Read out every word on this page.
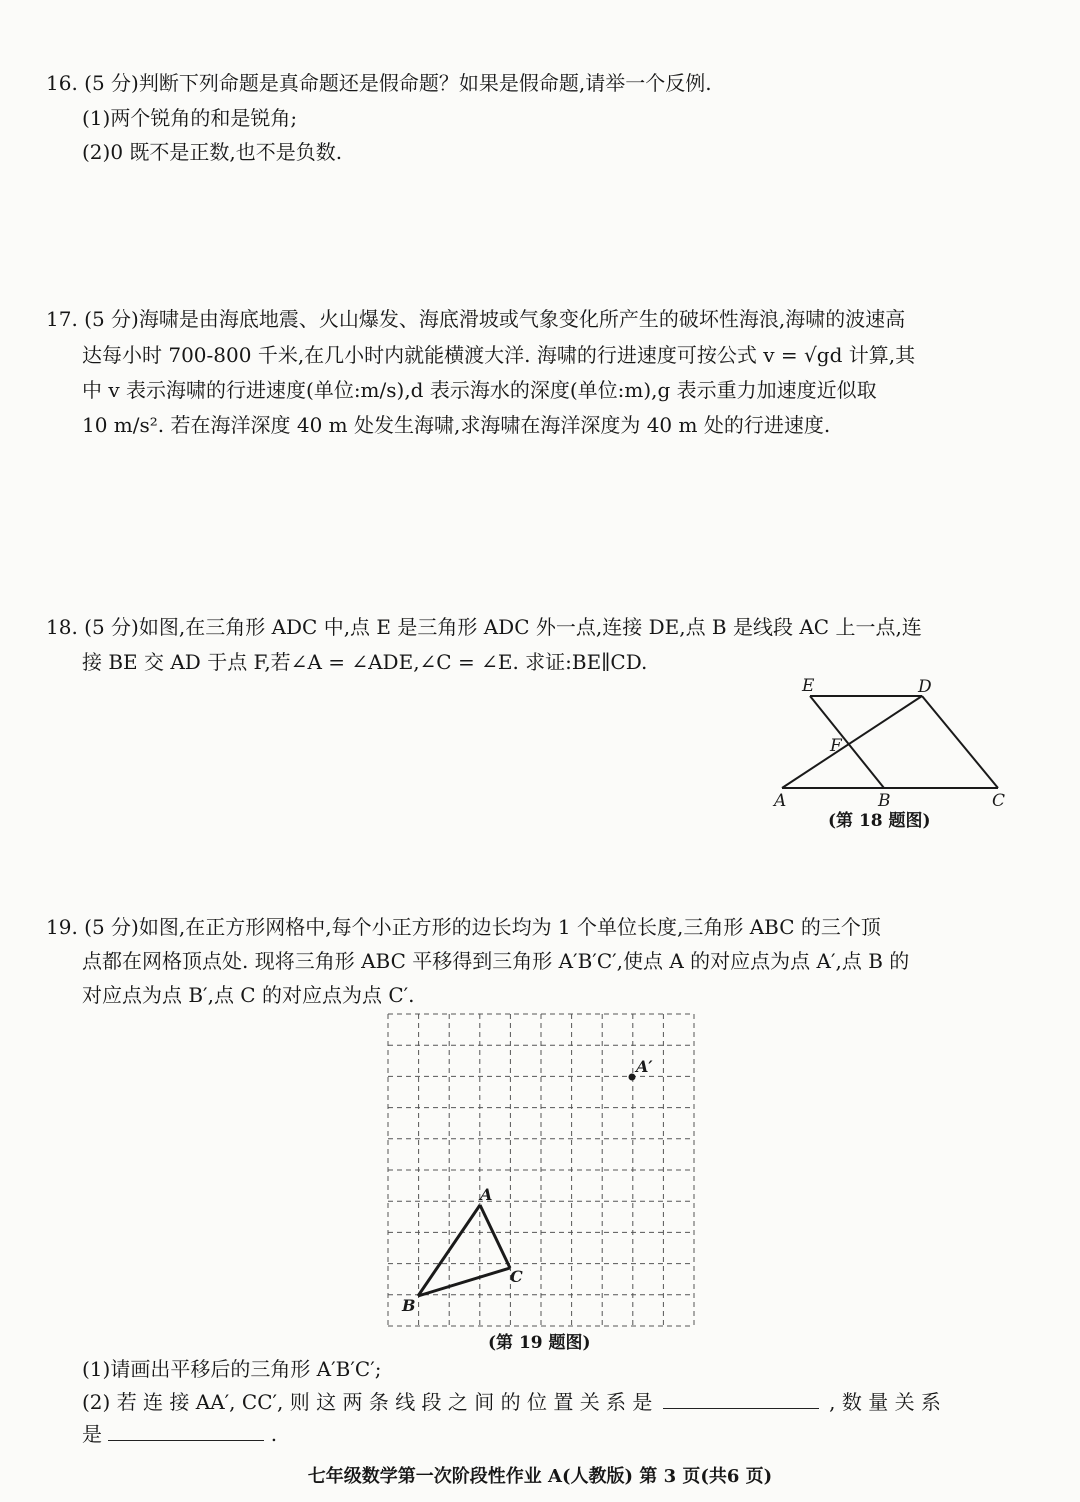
16. (5 分)判断下列命题是真命题还是假命题？如果是假命题,请举一个反例.
(1)两个锐角的和是锐角;
(2)0 既不是正数,也不是负数.
17. (5 分)海啸是由海底地震、火山爆发、海底滑坡或气象变化所产生的破坏性海浪,海啸的波速高
达每小时 700-800 千米,在几小时内就能横渡大洋. 海啸的行进速度可按公式 v = √gd 计算,其
中 v 表示海啸的行进速度(单位:m/s),d 表示海水的深度(单位:m),g 表示重力加速度近似取
10 m/s². 若在海洋深度 40 m 处发生海啸,求海啸在海洋深度为 40 m 处的行进速度.
18. (5 分)如图,在三角形 ADC 中,点 E 是三角形 ADC 外一点,连接 DE,点 B 是线段 AC 上一点,连
接 BE 交 AD 于点 F,若∠A = ∠ADE,∠C = ∠E. 求证:BE∥CD.
E	D
F
A	B	C
(第 18 题图)
19. (5 分)如图,在正方形网格中,每个小正方形的边长均为 1 个单位长度,三角形 ABC 的三个顶
点都在网格顶点处. 现将三角形 ABC 平移得到三角形 A′B′C′,使点 A 的对应点为点 A′,点 B 的
对应点为点 B′,点 C 的对应点为点 C′.
A′
A
C
B
(第 19 题图)
(1)请画出平移后的三角形 A′B′C′;
(2) 若 连 接 AA′, CC′, 则 这 两 条 线 段 之 间 的 位 置 关 系 是	, 数 量 关 系
是	.
七年级数学第一次阶段性作业 A(人教版) 第 3 页(共6 页)
